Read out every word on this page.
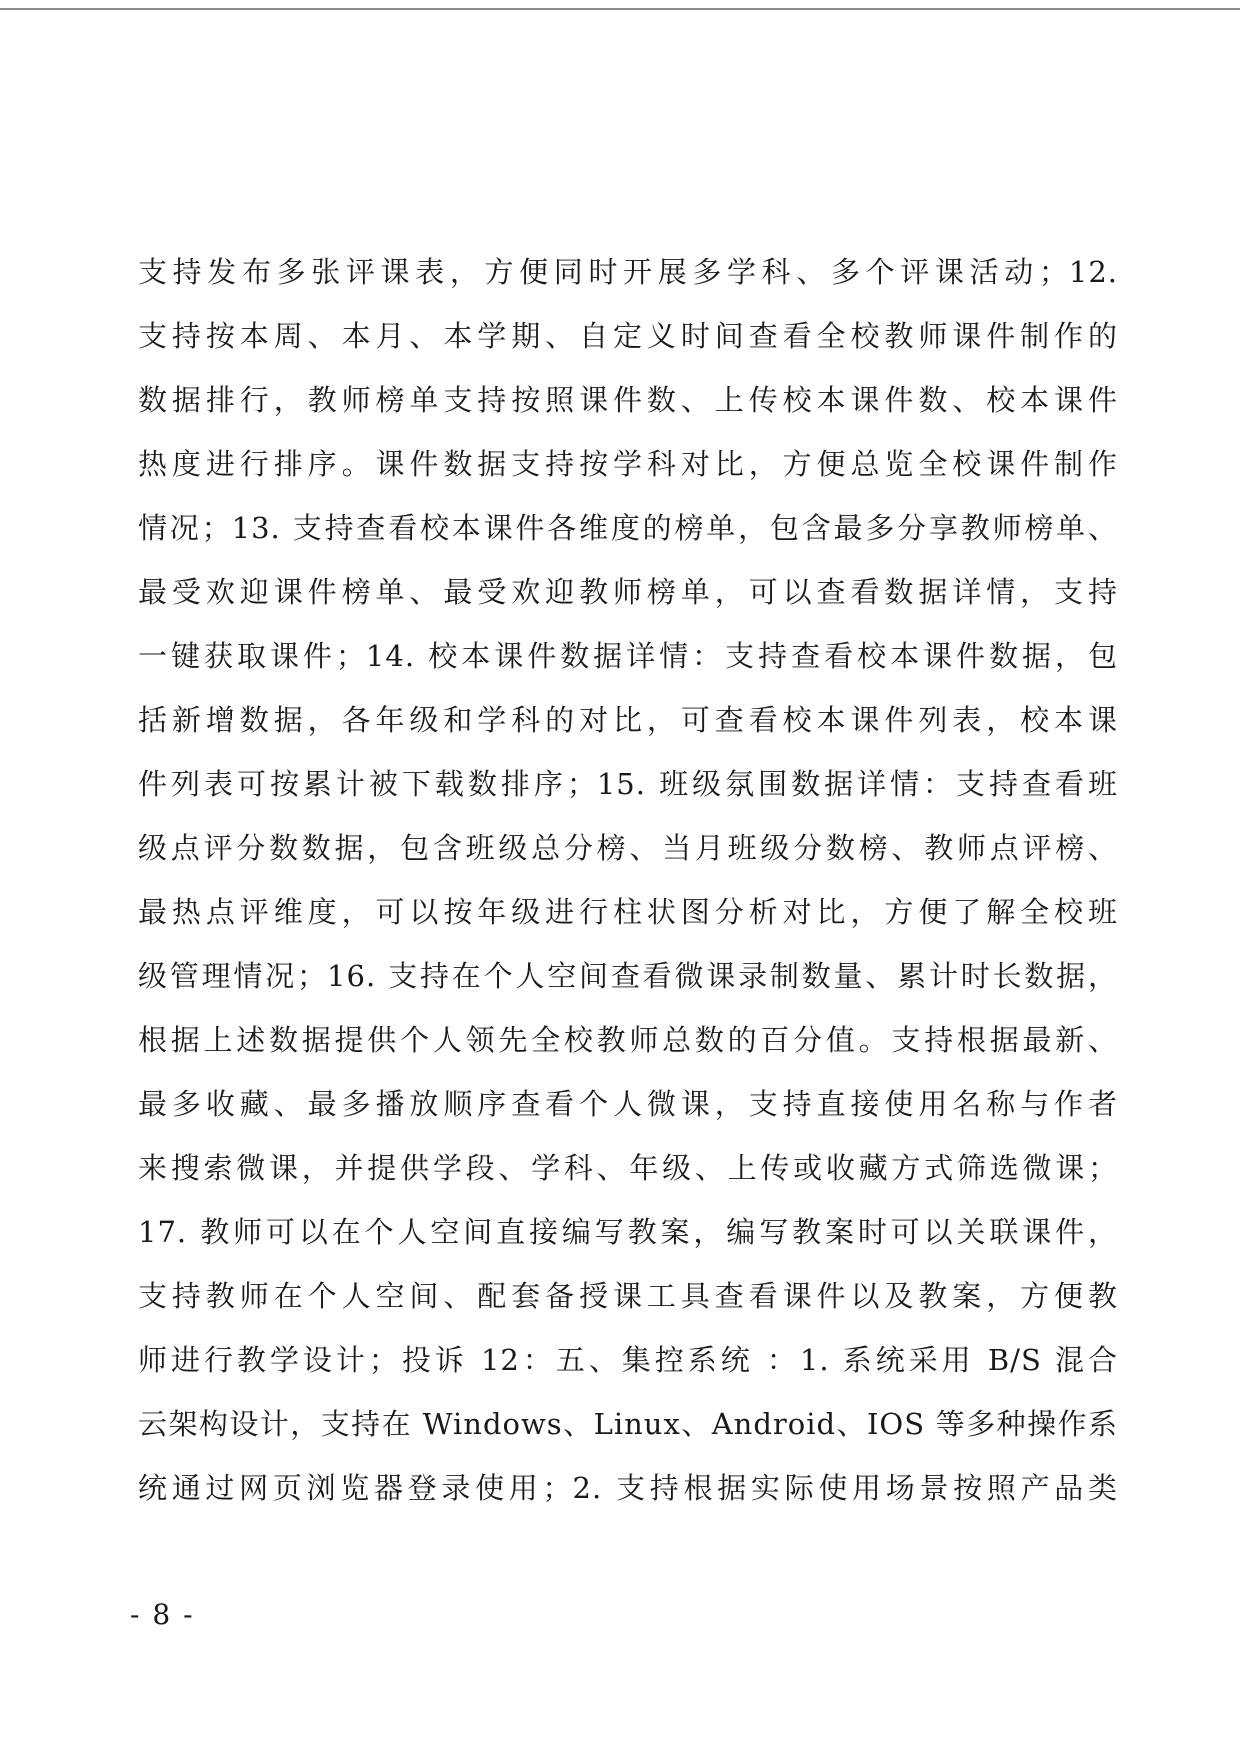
支持发布多张评课表，方便同时开展多学科、多个评课活动；12.
支持按本周、本月、本学期、自定义时间查看全校教师课件制作的
数据排行，教师榜单支持按照课件数、上传校本课件数、校本课件
热度进行排序。课件数据支持按学科对比，方便总览全校课件制作
情况；13. 支持查看校本课件各维度的榜单，包含最多分享教师榜单、
最受欢迎课件榜单、最受欢迎教师榜单，可以查看数据详情，支持
一键获取课件；14. 校本课件数据详情：支持查看校本课件数据，包
括新增数据，各年级和学科的对比，可查看校本课件列表，校本课
件列表可按累计被下载数排序；15. 班级氛围数据详情：支持查看班
级点评分数数据，包含班级总分榜、当月班级分数榜、教师点评榜、
最热点评维度，可以按年级进行柱状图分析对比，方便了解全校班
级管理情况；16. 支持在个人空间查看微课录制数量、累计时长数据，
根据上述数据提供个人领先全校教师总数的百分值。支持根据最新、
最多收藏、最多播放顺序查看个人微课，支持直接使用名称与作者
来搜索微课，并提供学段、学科、年级、上传或收藏方式筛选微课；
17. 教师可以在个人空间直接编写教案，编写教案时可以关联课件，
支持教师在个人空间、配套备授课工具查看课件以及教案，方便教
师进行教学设计；投诉 12：五、集控系统 ：1. 系统采用 B/S 混合
云架构设计，支持在 Windows、Linux、Android、IOS 等多种操作系
统通过网页浏览器登录使用；2. 支持根据实际使用场景按照产品类
- 8 -
